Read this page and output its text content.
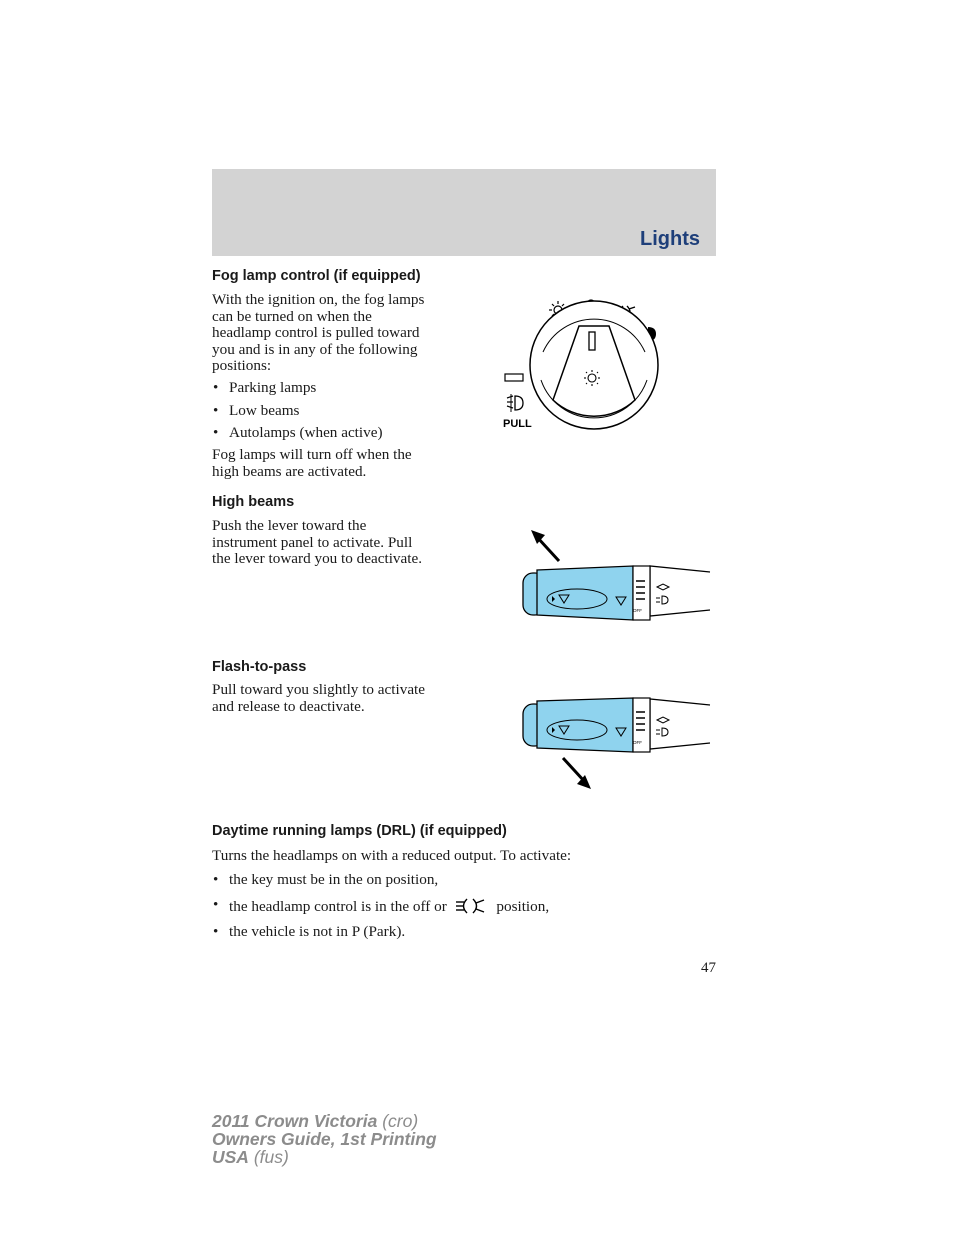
Lights
Fog lamp control (if equipped)

With the ignition on, the fog lamps
can be turned on when the
headlamp control is pulled toward
you and is in any of the following
positions:

• Parking lamps
• Low beams
• Autolamps (when active)

Fog lamps will turn off when the
high beams are activated.

PULL
High beams

Push the lever toward the
instrument panel to activate. Pull
the lever toward you to deactivate.

OFF
Flash-to-pass

Pull toward you slightly to activate
and release to deactivate.

OFF
Daytime running lamps (DRL) (if equipped)

Turns the headlamps on with a reduced output. To activate:

• the key must be in the on position,
• the headlamp control is in the off or	position,
• the vehicle is not in P (Park).
47
2011 Crown Victoria (cro)
Owners Guide, 1st Printing
USA (fus)
